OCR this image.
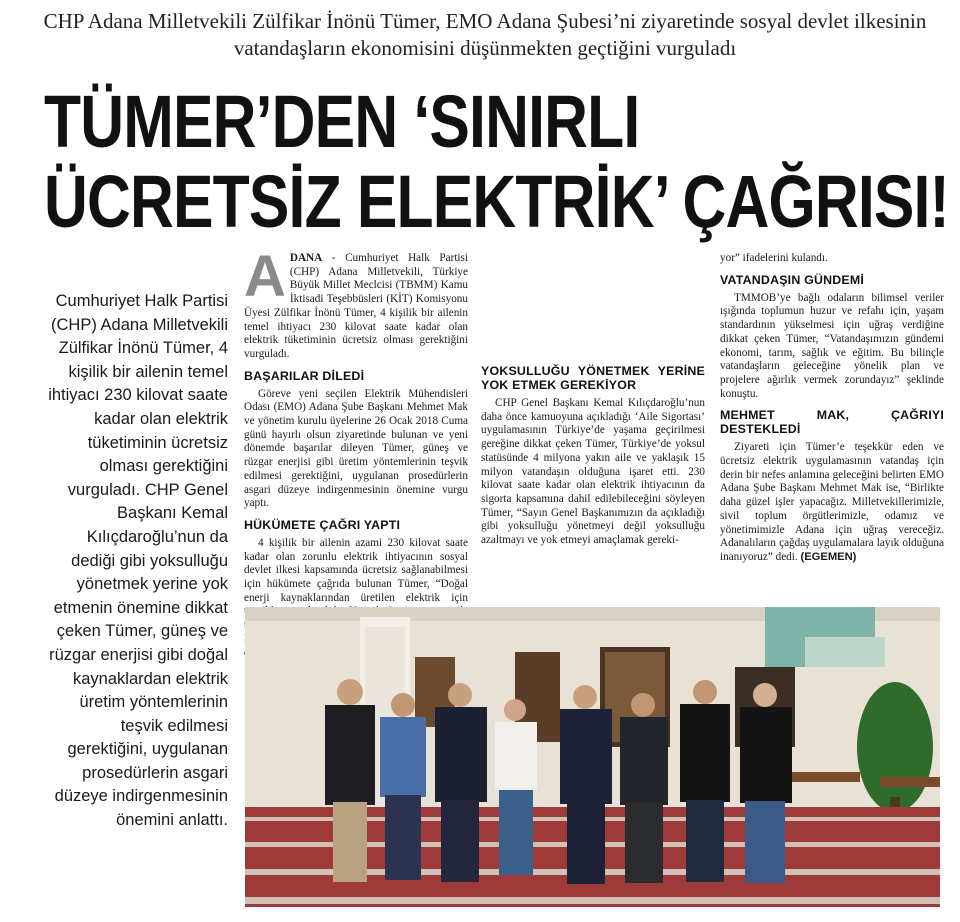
CHP Adana Milletvekili Zülfikar İnönü Tümer, EMO Adana Şubesi’ni ziyaretinde sosyal devlet ilkesinin vatandaşların ekonomisini düşünmekten geçtiğini vurguladı
TÜMER’DEN ‘SINIRLI
ÜCRETSİZ ELEKTRİK’ ÇAĞRISI!
Cumhuriyet Halk Partisi (CHP) Adana Milletvekili Zülfikar İnönü Tümer, 4 kişilik bir ailenin temel ihtiyacı 230 kilovat saate kadar olan elektrik tüketiminin ücretsiz olması gerektiğini vurguladı. CHP Genel Başkanı Kemal Kılıçdaroğlu’nun da dediği gibi yoksulluğu yönetmek yerine yok etmenin önemine dikkat çeken Tümer, güneş ve rüzgar enerjisi gibi doğal kaynaklardan elektrik üretim yöntemlerinin teşvik edilmesi gerektiğini, uygulanan prosedürlerin asgari düzeye indirgenmesinin önemini anlattı.

ADANA - Cumhuriyet Halk Partisi (CHP) Adana Milletvekili, Türkiye Büyük Millet Meclcisi (TBMM) Kamu İktisadi Teşebbüsleri (KİT) Komisyonu Üyesi Zülfikar İnönü Tümer, 4 kişilik bir ailenin temel ihtiyacı 230 kilovat saate kadar olan elektrik tüketiminin ücretsiz olması gerektiğini vurguladı.

BAŞARILAR DİLEDİ

Göreve yeni seçilen Elektrik Mühendisleri Odası (EMO) Adana Şube Başkanı Mehmet Mak ve yönetim kurulu üyelerine 26 Ocak 2018 Cuma günü hayırlı olsun ziyaretinde bulunan ve yeni dönemde başarılar dileyen Tümer, güneş ve rüzgar enerjisi gibi üretim yöntemlerinin teşvik edilmesi gerektiğini, uygulanan prosedürlerin asgari düzeye indirgenmesinin önemine vurgu yaptı.

HÜKÜMETE ÇAĞRI YAPTI

4 kişilik bir ailenin azami 230 kilovat saate kadar olan zorunlu elektrik ihtiyacının sosyal devlet ilkesi kapsamında ücretsiz sağlanabilmesi için hükümete çağrıda bulunan Tümer, “Doğal enerji kaynaklarından üretilen elektrik için

yor” ifadelerini kulandı.

VATANDAŞIN GÜNDEMİ

TMMOB’ye bağlı odaların bilimsel veriler ışığında toplumun huzur ve refahı için, yaşam standardının yükselmesi için uğraş verdiğine dikkat çeken Tümer, “Vatandaşımızın gündemi ekonomi, tarım, sağlık ve eğitim. Bu bilinçle vatandaşların geleceğine yönelik plan ve projelere ağırlık vermek zorundayız” şeklinde konuştu.

MEHMET MAK, ÇAĞRIYI DESTEKLEDİ

Ziyareti için Tümer’e teşekkür eden ve ücretsiz elektrik uygulamasının vatandaş için derin bir nefes anlamına geleceğini belirten EMO Adana Şube Başkanı Mehmet Mak ise, “Birlikte daha güzel işler yapacağız. Milletvekillerimizle, sivil toplum örgütlerimizle, odamız ve yönetimimizle Adana için uğraş vereceğiz. Adanalıların çağdaş uygulamalara layık olduğuna inanıyoruz” dedi. (EGEMEN)

YOKSULLUĞU YÖNETMEK YERİNE YOK ETMEK GEREKİYOR

CHP Genel Başkanı Kemal Kılıçdaroğlu’nun daha önce kamuoyuna açıkladığı ‘Aile Sigortası’ uygulamasının Türkiye’de yaşama geçirilmesi gereğine dikkat çeken Tümer, Türkiye’de yoksul statüsünde 4 milyona yakın aile ve yaklaşık 15 milyon vatandaşın olduğuna işaret etti. 230 kilovat saate kadar olan elektrik ihtiyacının da sigorta kapsamına dahil edilebileceğini söyleyen Tümer, “Sayın Genel Başkanımızın da açıkladığı gibi yoksulluğu yönetmeyi değil yoksulluğu azaltmayı ve yok etmeyi amaçlamak gereki-
